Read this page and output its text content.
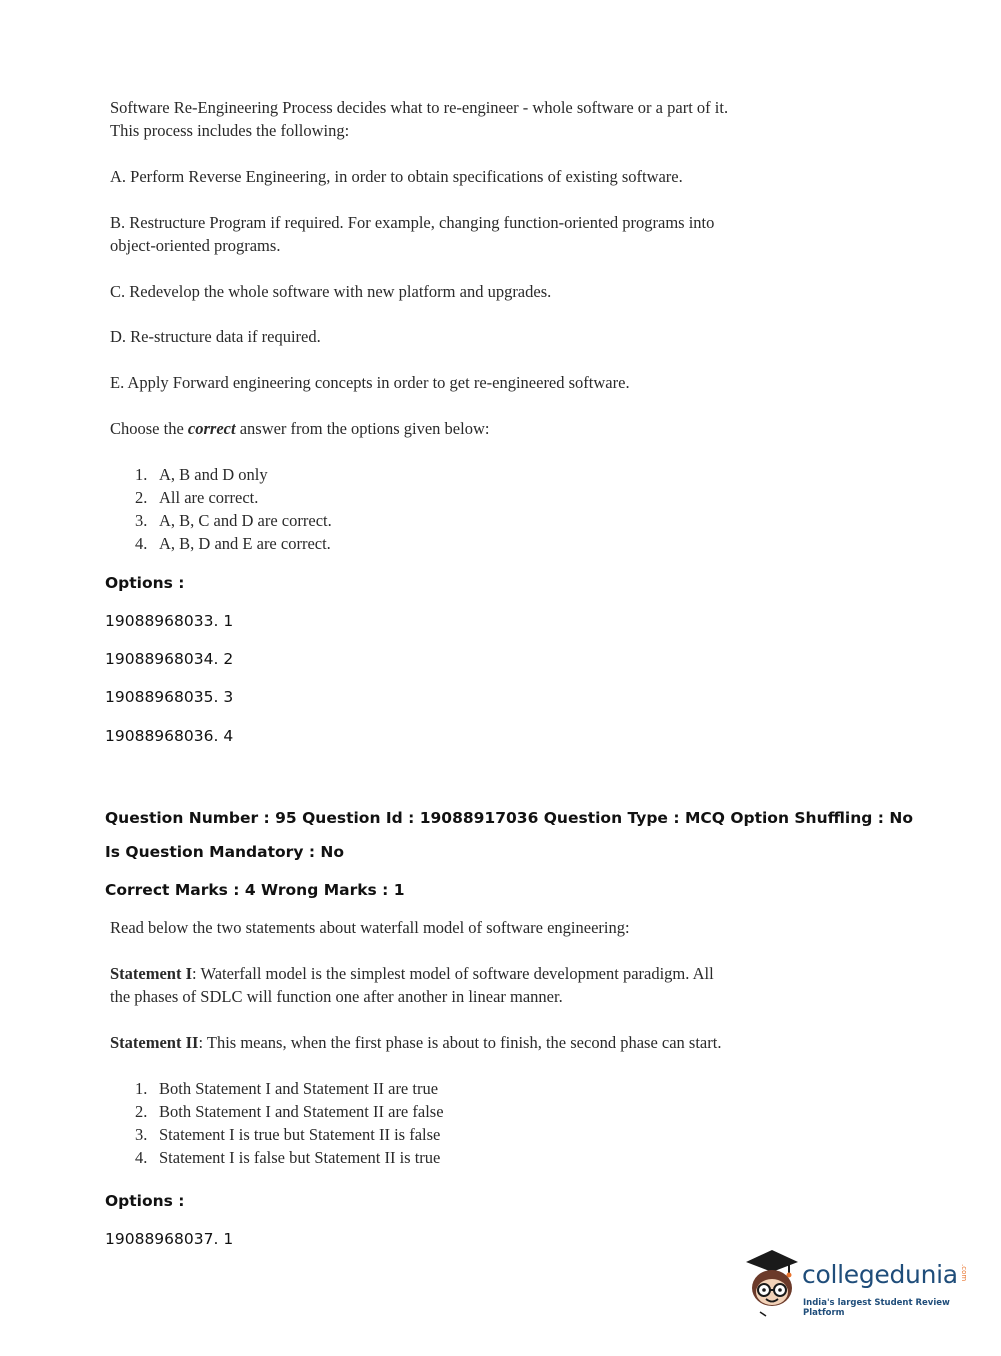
Software Re-Engineering Process decides what to re-engineer - whole software or a part of it.
This process includes the following:
A. Perform Reverse Engineering, in order to obtain specifications of existing software.
B. Restructure Program if required. For example, changing function-oriented programs into
object-oriented programs.
C. Redevelop the whole software with new platform and upgrades.
D. Re-structure data if required.
E. Apply Forward engineering concepts in order to get re-engineered software.
Choose the correct answer from the options given below:
1. A, B and D only
2. All are correct.
3. A, B, C and D are correct.
4. A, B, D and E are correct.
Options :
19088968033. 1
19088968034. 2
19088968035. 3
19088968036. 4
Question Number : 95 Question Id : 19088917036 Question Type : MCQ Option Shuffling : No
Is Question Mandatory : No
Correct Marks : 4 Wrong Marks : 1
Read below the two statements about waterfall model of software engineering:
Statement I: Waterfall model is the simplest model of software development paradigm. All
the phases of SDLC will function one after another in linear manner.
Statement II: This means, when the first phase is about to finish, the second phase can start.
1. Both Statement I and Statement II are true
2. Both Statement I and Statement II are false
3. Statement I is true but Statement II is false
4. Statement I is false but Statement II is true
Options :
19088968037. 1
collegedunia .com
India's largest Student Review Platform
